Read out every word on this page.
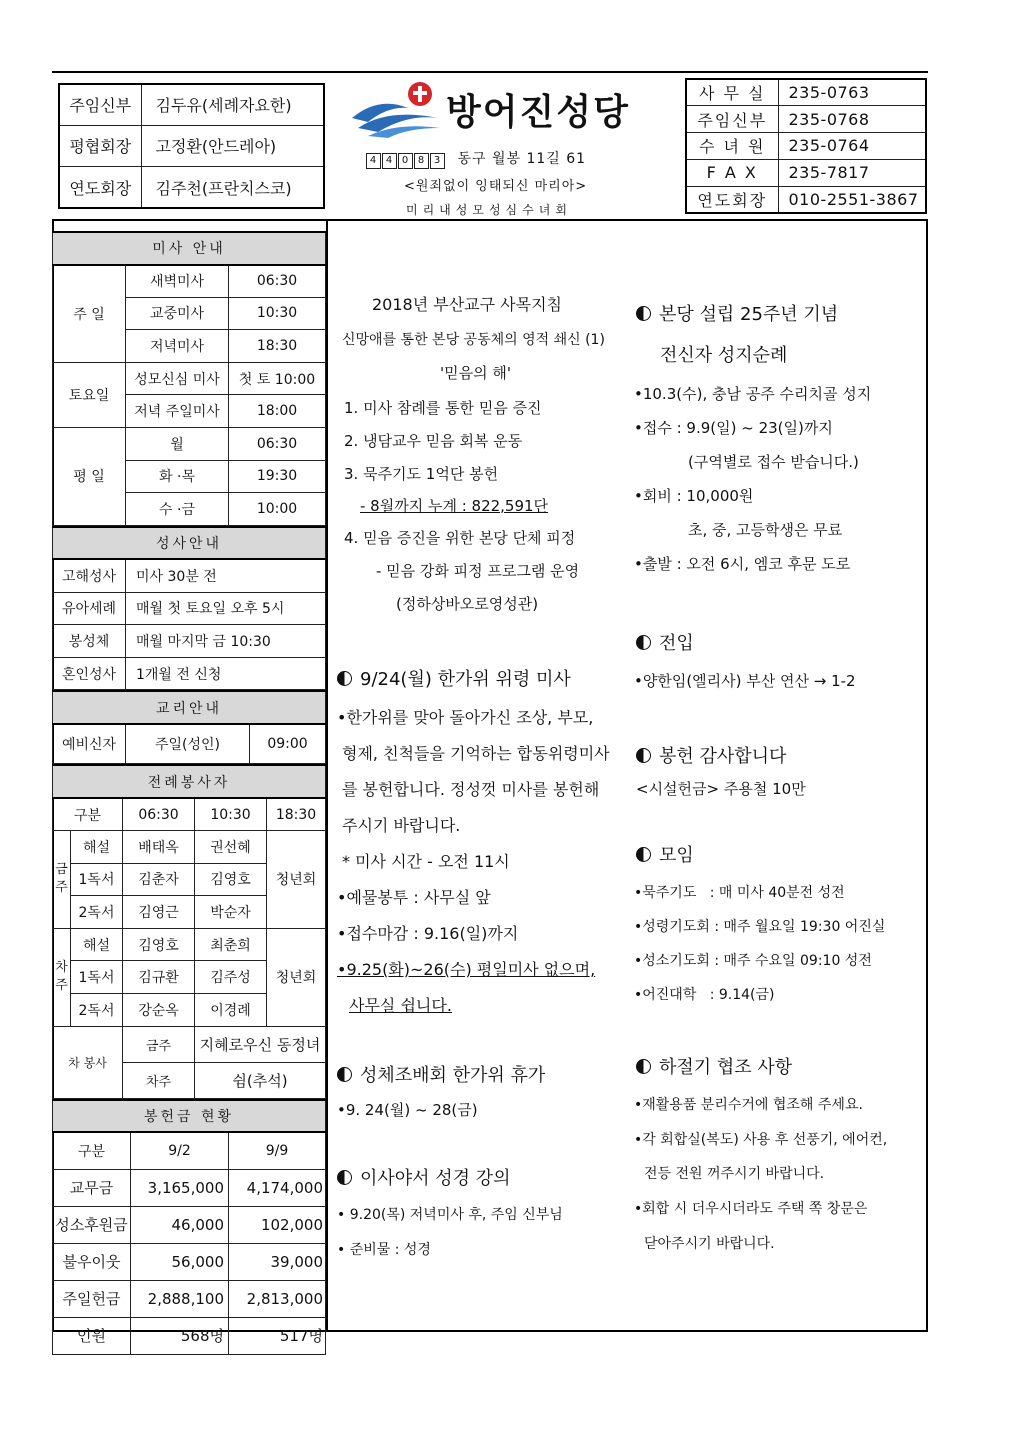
주임신부	김두유(세례자요한)
평협회장	고정환(안드레아)
연도회장	김주천(프란치스코)
방어진성당
4 4 0 8 3 동구 월봉 11길 61
<원죄없이 잉태되신 마리아>
미리내성모성심수녀회
사 무 실	235-0763
주임신부	235-0768
수 녀 원	235-0764
F A X	235-7817
연도회장	010-2551-3867
미사 안내		
주 일	새벽미사	06:30
	교중미사	10:30
	저녁미사	18:30
토요일	성모신심 미사	첫 토 10:00
	저녁 주일미사	18:00
평 일	월	06:30
	화 ·목	19:30
	수 ·금	10:00
성사안내	
고해성사	미사 30분 전
유아세례	매월 첫 토요일 오후 5시
봉성체	매월 마지막 금 10:30
혼인성사	1개월 전 신청
교리안내
예비신자	주일(성인)	09:00
전례봉사자				
구분		06:30	10:30	18:30
금주	해설	배태옥	권선혜	청년회
	1독서	김춘자	김영호	
	2독서	김영근	박순자	
차주	해설	김영호	최춘희	청년회
	1독서	김규환	김주성	
	2독서	강순옥	이경례	
차 봉사		금주	지혜로우신 동정녀	
		차주	쉼(추석)	
봉헌금 현황		
구분	9/2	9/9
교무금	3,165,000	4,174,000
성소후원금	46,000	102,000
불우이웃	56,000	39,000
주일헌금	2,888,100	2,813,000
인원	568명	517명
2018년 부산교구 사목지침
신망애를 통한 본당 공동체의 영적 쇄신 (1)
'믿음의 해'
1. 미사 참례를 통한 믿음 증진
2. 냉담교우 믿음 회복 운동
3. 묵주기도 1억단 봉헌
- 8월까지 누계 : 822,591단
4. 믿음 증진을 위한 본당 단체 피정
- 믿음 강화 피정 프로그램 운영
(정하상바오로영성관)
9/24(월) 한가위 위령 미사
•한가위를 맞아 돌아가신 조상, 부모,
형제, 친척들을 기억하는 합동위령미사
를 봉헌합니다. 정성껏 미사를 봉헌해
주시기 바랍니다.
* 미사 시간 - 오전 11시
•예물봉투 : 사무실 앞
•접수마감 : 9.16(일)까지
•9.25(화)~26(수) 평일미사 없으며,
사무실 쉽니다.
성체조배회 한가위 휴가
•9. 24(월) ~ 28(금)
이사야서 성경 강의
• 9.20(목) 저녁미사 후, 주임 신부님
• 준비물 : 성경
본당 설립 25주년 기념
전신자 성지순례
•10.3(수), 충남 공주 수리치골 성지
•접수 : 9.9(일) ~ 23(일)까지
(구역별로 접수 받습니다.)
•회비 : 10,000원
초, 중, 고등학생은 무료
•출발 : 오전 6시, 엠코 후문 도로
전입
•양한임(엘리사) 부산 연산 → 1-2
봉헌 감사합니다
<시설헌금> 주용철 10만
모임
•묵주기도   : 매 미사 40분전 성전
•성령기도회 : 매주 월요일 19:30 어진실
•성소기도회 : 매주 수요일 09:10 성전
•어진대학   : 9.14(금)
하절기 협조 사항
•재활용품 분리수거에 협조해 주세요.
•각 회합실(복도) 사용 후 선풍기, 에어컨,
전등 전원 꺼주시기 바랍니다.
•회합 시 더우시더라도 주택 쪽 창문은
닫아주시기 바랍니다.
